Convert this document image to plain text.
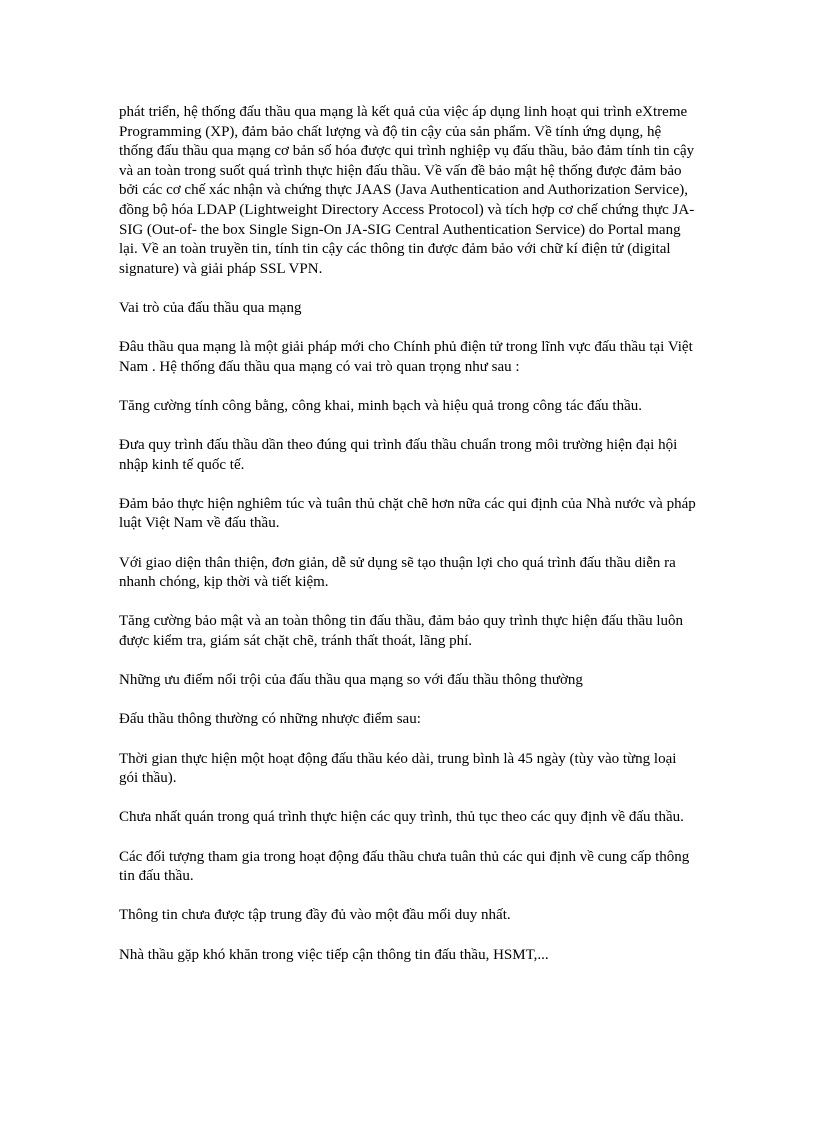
phát triển, hệ thống đấu thầu qua mạng là kết quả của việc áp dụng linh hoạt qui trình eXtreme Programming (XP), đảm bảo chất lượng và độ tin cậy của sản phẩm. Về tính ứng dụng, hệ thống đấu thầu qua mạng cơ bản số hóa được qui trình nghiệp vụ đấu thầu, bảo đảm tính tin cậy và an toàn trong suốt quá trình thực hiện đấu thầu. Về vấn đề bảo mật hệ thống được đảm bảo bởi các cơ chế xác nhận và chứng thực JAAS (Java Authentication and Authorization Service), đồng bộ hóa LDAP (Lightweight Directory Access Protocol) và tích hợp cơ chế chứng thực JA-SIG (Out-of- the box Single Sign-On JA-SIG Central Authentication Service) do Portal mang lại. Về an toàn truyền tin, tính tin cậy các thông tin được đảm bảo với chữ kí điện tử (digital signature) và giải pháp SSL VPN.

Vai trò của đấu thầu qua mạng

Đâu thầu qua mạng là một giải pháp mới cho Chính phủ điện tử trong lĩnh vực đấu thầu tại Việt Nam . Hệ thống đấu thầu qua mạng có vai trò quan trọng như sau :

Tăng cường tính công bằng, công khai, minh bạch và hiệu quả trong công tác đấu thầu.

Đưa quy trình đấu thầu dần theo đúng qui trình đấu thầu chuẩn trong môi trường hiện đại hội nhập kinh tế quốc tế.

Đảm bảo thực hiện nghiêm túc và tuân thủ chặt chẽ hơn nữa các qui định của Nhà nước và pháp luật Việt Nam về đấu thầu.

Với giao diện thân thiện, đơn giản, dễ sử dụng sẽ tạo thuận lợi cho quá trình đấu thầu diễn ra nhanh chóng, kịp thời và tiết kiệm.

Tăng cường bảo mật và an toàn thông tin đấu thầu, đảm bảo quy trình thực hiện đấu thầu luôn được kiểm tra, giám sát chặt chẽ, tránh thất thoát, lãng phí.

Những ưu điểm nổi trội của đấu thầu qua mạng so với đấu thầu thông thường

Đấu thầu thông thường có những nhược điểm sau:

Thời gian thực hiện một hoạt động đấu thầu kéo dài, trung bình là 45 ngày (tùy vào từng loại gói thầu).

Chưa nhất quán trong quá trình thực hiện các quy trình, thủ tục theo các quy định về đấu thầu.

Các đối tượng tham gia trong hoạt động đấu thầu chưa tuân thủ các qui định về cung cấp thông tin đấu thầu.

Thông tin chưa được tập trung đầy đủ vào một đầu mối duy nhất.

Nhà thầu gặp khó khăn trong việc tiếp cận thông tin đấu thầu, HSMT,...
